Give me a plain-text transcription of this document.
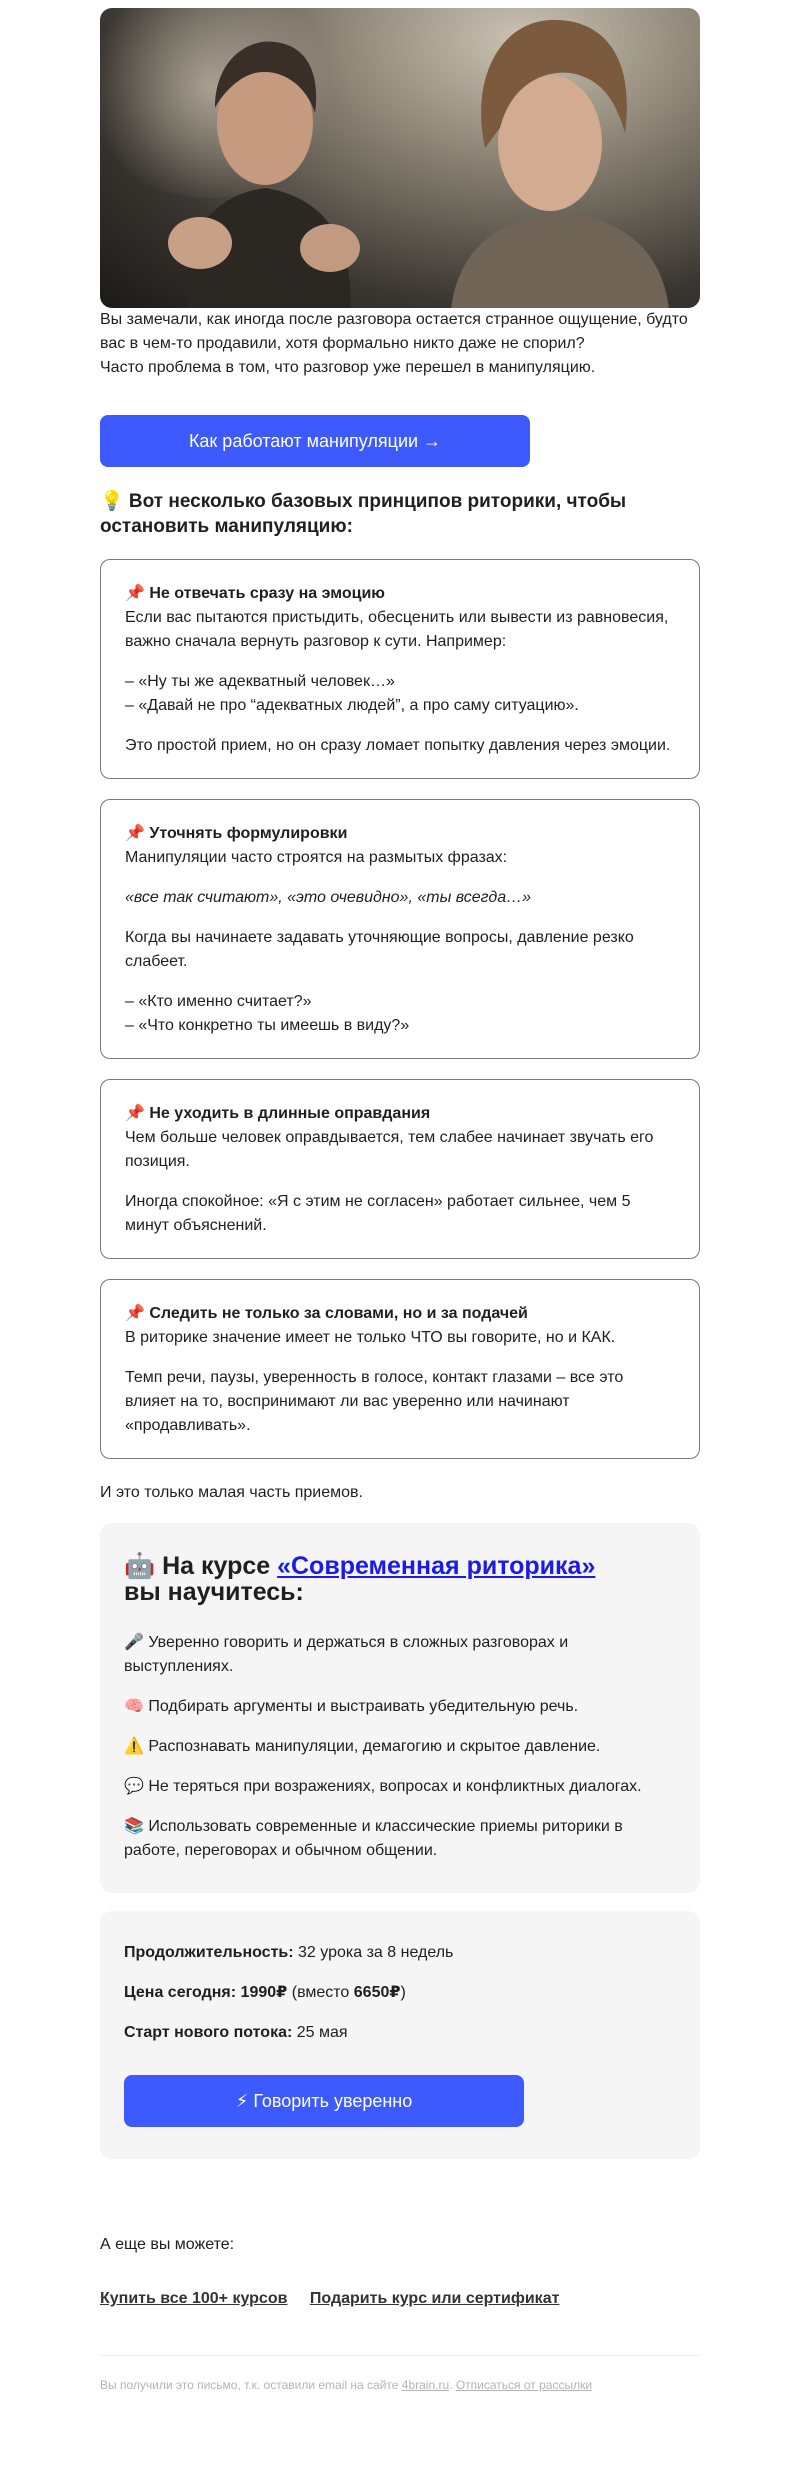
Вы замечали, как иногда после разговора остается странное ощущение, будто вас в чем-то продавили, хотя формально никто даже не спорил?

Часто проблема в том, что разговор уже перешел в манипуляцию.

Как работают манипуляции →
💡 Вот несколько базовых принципов риторики, чтобы остановить манипуляцию:
📌 Не отвечать сразу на эмоцию

Если вас пытаются пристыдить, обесценить или вывести из равновесия, важно сначала вернуть разговор к сути. Например:

– «Ну ты же адекватный человек…»
– «Давай не про “адекватных людей”, а про саму ситуацию».

Это простой прием, но он сразу ломает попытку давления через эмоции.

📌 Уточнять формулировки

Манипуляции часто строятся на размытых фразах:

«все так считают», «это очевидно», «ты всегда…»

Когда вы начинаете задавать уточняющие вопросы, давление резко слабеет.

– «Кто именно считает?»
– «Что конкретно ты имеешь в виду?»

📌 Не уходить в длинные оправдания

Чем больше человек оправдывается, тем слабее начинает звучать его позиция.

Иногда спокойное: «Я с этим не согласен» работает сильнее, чем 5 минут объяснений.

📌 Следить не только за словами, но и за подачей

В риторике значение имеет не только ЧТО вы говорите, но и КАК.

Темп речи, паузы, уверенность в голосе, контакт глазами – все это влияет на то, воспринимают ли вас уверенно или начинают «продавливать».

И это только малая часть приемов.
🤖 На курсе «Современная риторика»
вы научитесь:

🎤 Уверенно говорить и держаться в сложных разговорах и выступлениях.

🧠 Подбирать аргументы и выстраивать убедительную речь.

⚠️ Распознавать манипуляции, демагогию и скрытое давление.

💬 Не теряться при возражениях, вопросах и конфликтных диалогах.

📚 Использовать современные и классические приемы риторики в работе, переговорах и обычном общении.

Продолжительность: 32 урока за 8 недель

Цена сегодня: 1990₽ (вместо 6650₽)

Старт нового потока: 25 мая

⚡ Говорить уверенно
А еще вы можете:
Купить все 100+ курсов Подарить курс или сертификат
Вы получили это письмо, т.к. оставили email на сайте 4brain.ru. Отписаться от рассылки
